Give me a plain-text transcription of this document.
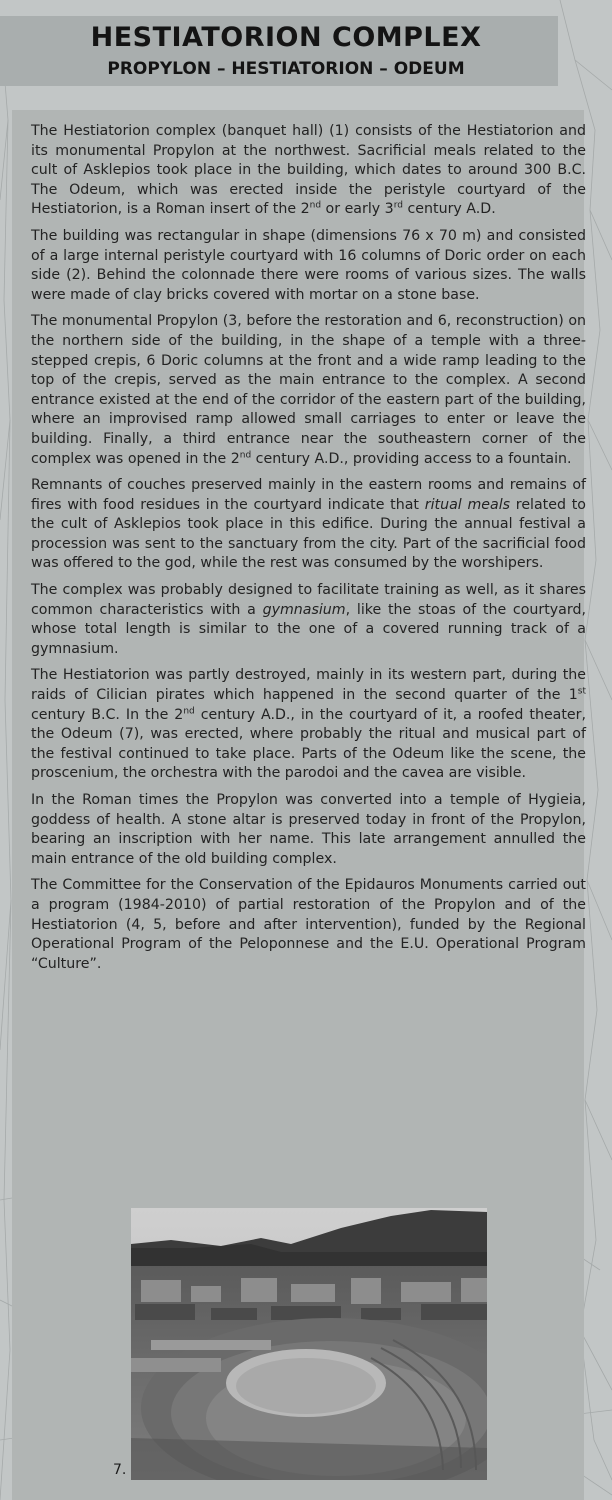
HESTIATORION COMPLEX
PROPYLON – HESTIATORION – ODEUM

The Hestiatorion complex (banquet hall) (1) consists of the Hestiatorion and its monumental Propylon at the northwest. Sacrificial meals related to the cult of Asklepios took place in the building, which dates to around 300 B.C. The Odeum, which was erected inside the peristyle courtyard of the Hestiatorion, is a Roman insert of the 2nd or early 3rd century A.D.

The building was rectangular in shape (dimensions 76 x 70 m) and consisted of a large internal peristyle courtyard with 16 columns of Doric order on each side (2). Behind the colonnade there were rooms of various sizes. The walls were made of clay bricks covered with mortar on a stone base.

The monumental Propylon (3, before the restoration and 6, reconstruction) on the northern side of the building, in the shape of a temple with a three-stepped crepis, 6 Doric columns at the front and a wide ramp leading to the top of the crepis, served as the main entrance to the complex. A second entrance existed at the end of the corridor of the eastern part of the building, where an improvised ramp allowed small carriages to enter or leave the building. Finally, a third entrance near the southeastern corner of the complex was opened in the 2nd century A.D., providing access to a fountain.

Remnants of couches preserved mainly in the eastern rooms and remains of fires with food residues in the courtyard indicate that ritual meals related to the cult of Asklepios took place in this edifice. During the annual festival a procession was sent to the sanctuary from the city. Part of the sacrificial food was offered to the god, while the rest was consumed by the worshipers.

The complex was probably designed to facilitate training as well, as it shares common characteristics with a gymnasium, like the stoas of the courtyard, whose total length is similar to the one of a covered running track of a gymnasium.

The Hestiatorion was partly destroyed, mainly in its western part, during the raids of Cilician pirates which happened in the second quarter of the 1st century B.C. In the 2nd century A.D., in the courtyard of it, a roofed theater, the Odeum (7), was erected, where probably the ritual and musical part of the festival continued to take place. Parts of the Odeum like the scene, the proscenium, the orchestra with the parodoi and the cavea are visible.

In the Roman times the Propylon was converted into a temple of Hygieia, goddess of health. A stone altar is preserved today in front of the Propylon, bearing an inscription with her name. This late arrangement annulled the main entrance of the old building complex.

The Committee for the Conservation of the Epidauros Monuments carried out a program (1984-2010) of partial restoration of the Propylon and of the Hestiatorion (4, 5, before and after intervention), funded by the Regional Operational Program of the Peloponnese and the E.U. Operational Program “Culture”.

7.
